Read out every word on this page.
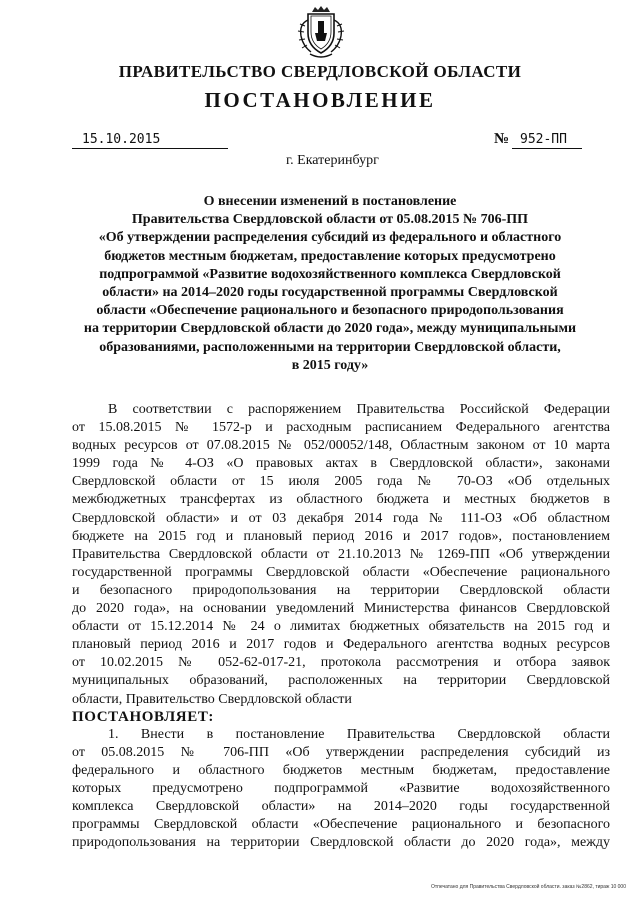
ПРАВИТЕЛЬСТВО СВЕРДЛОВСКОЙ ОБЛАСТИ
ПОСТАНОВЛЕНИЕ
15.10.2015	№ 952-ПП
г. Екатеринбург
О внесении изменений в постановление
Правительства Свердловской области от 05.08.2015 № 706-ПП
«Об утверждении распределения субсидий из федерального и областного
бюджетов местным бюджетам, предоставление которых предусмотрено
подпрограммой «Развитие водохозяйственного комплекса Свердловской
области» на 2014–2020 годы государственной программы Свердловской
области «Обеспечение рационального и безопасного природопользования
на территории Свердловской области до 2020 года», между муниципальными
образованиями, расположенными на территории Свердловской области,
в 2015 году»
В соответствии с распоряжением Правительства Российской Федерации
от 15.08.2015 № 1572-р и расходным расписанием Федерального агентства
водных ресурсов от 07.08.2015 № 052/00052/148, Областным законом от 10 марта
1999 года № 4-ОЗ «О правовых актах в Свердловской области», законами
Свердловской области от 15 июля 2005 года № 70-ОЗ «Об отдельных
межбюджетных трансфертах из областного бюджета и местных бюджетов в
Свердловской области» и от 03 декабря 2014 года № 111-ОЗ «Об областном
бюджете на 2015 год и плановый период 2016 и 2017 годов», постановлением
Правительства Свердловской области от 21.10.2013 № 1269-ПП «Об утверждении
государственной программы Свердловской области «Обеспечение рационального
и безопасного природопользования на территории Свердловской области
до 2020 года», на основании уведомлений Министерства финансов Свердловской
области от 15.12.2014 № 24 о лимитах бюджетных обязательств на 2015 год и
плановый период 2016 и 2017 годов и Федерального агентства водных ресурсов
от 10.02.2015 № 052-62-017-21, протокола рассмотрения и отбора заявок
муниципальных образований, расположенных на территории Свердловской
области, Правительство Свердловской области
ПОСТАНОВЛЯЕТ:
1. Внести в постановление Правительства Свердловской области
от 05.08.2015 № 706-ПП «Об утверждении распределения субсидий из
федерального и областного бюджетов местным бюджетам, предоставление
которых предусмотрено подпрограммой «Развитие водохозяйственного
комплекса Свердловской области» на 2014–2020 годы государственной
программы Свердловской области «Обеспечение рационального и безопасного
природопользования на территории Свердловской области до 2020 года», между
Отпечатано для Правительства Свердловской области. заказ №2862, тираж 10 000
